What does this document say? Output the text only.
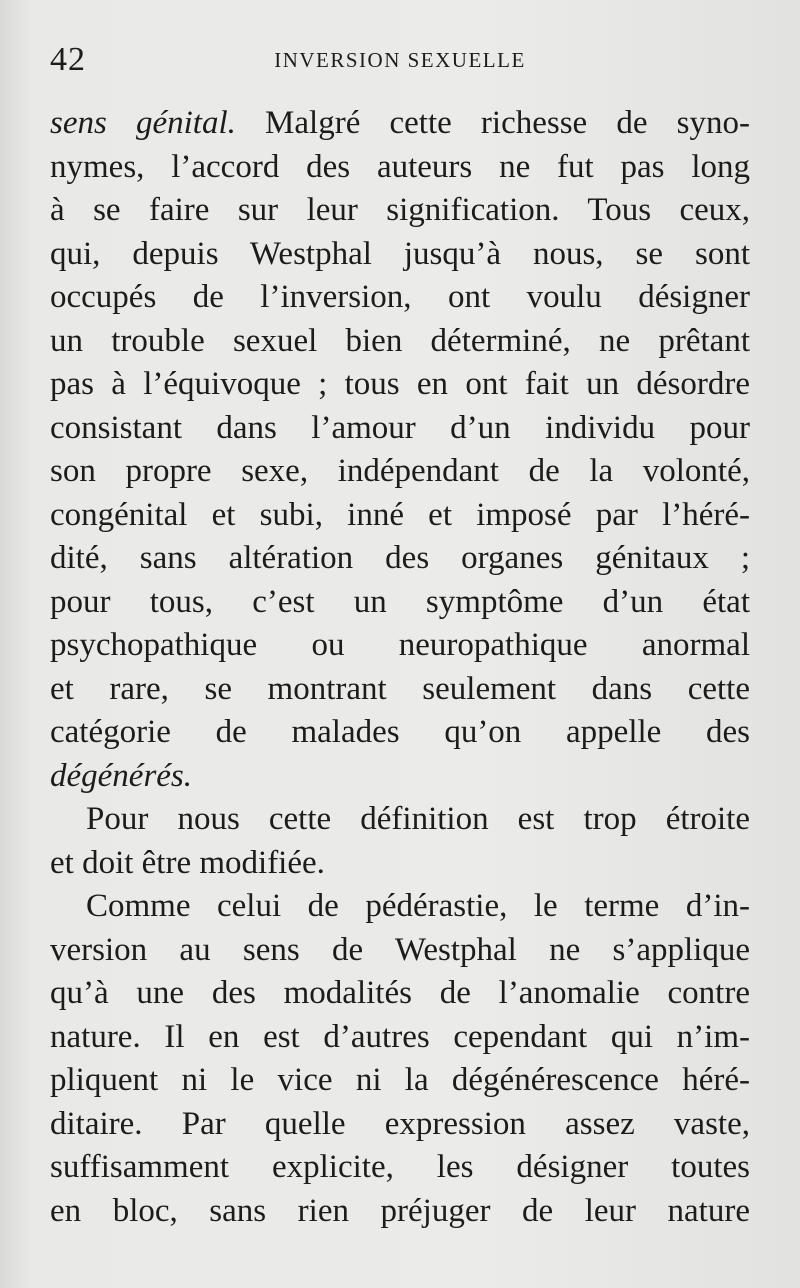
42	INVERSION SEXUELLE
sens génital. Malgré cette richesse de syno-
nymes, l’accord des auteurs ne fut pas long
à se faire sur leur signification. Tous ceux,
qui, depuis Westphal jusqu’à nous, se sont
occupés de l’inversion, ont voulu désigner
un trouble sexuel bien déterminé, ne prêtant
pas à l’équivoque ; tous en ont fait un désordre
consistant dans l’amour d’un individu pour
son propre sexe, indépendant de la volonté,
congénital et subi, inné et imposé par l’héré-
dité, sans altération des organes génitaux ;
pour tous, c’est un symptôme d’un état
psychopathique ou neuropathique anormal
et rare, se montrant seulement dans cette
catégorie de malades qu’on appelle des
dégénérés.
Pour nous cette définition est trop étroite
et doit être modifiée.
Comme celui de pédérastie, le terme d’in-
version au sens de Westphal ne s’applique
qu’à une des modalités de l’anomalie contre
nature. Il en est d’autres cependant qui n’im-
pliquent ni le vice ni la dégénérescence héré-
ditaire. Par quelle expression assez vaste,
suffisamment explicite, les désigner toutes
en bloc, sans rien préjuger de leur nature
